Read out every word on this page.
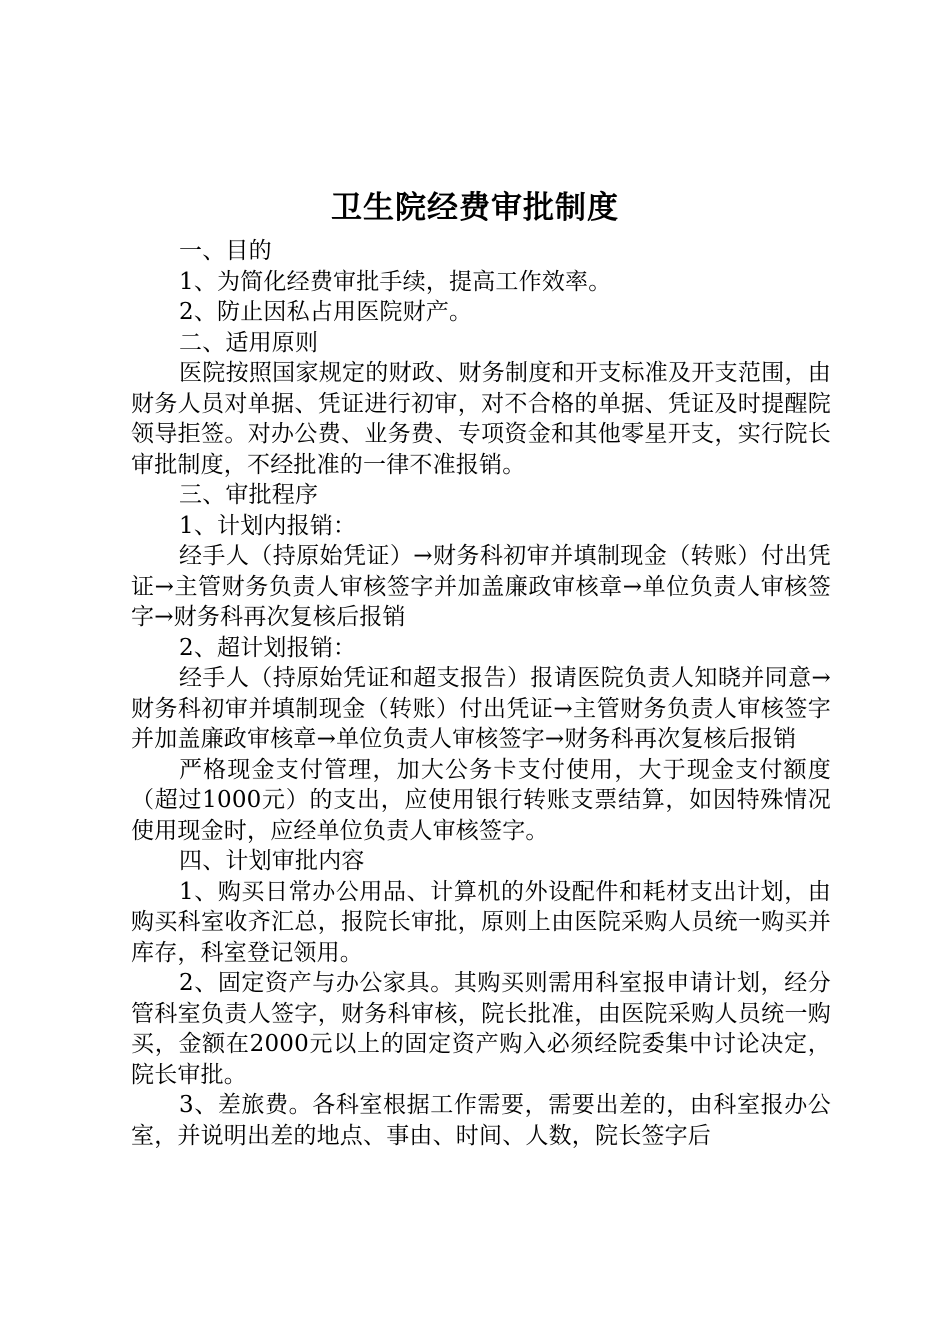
卫生院经费审批制度

一、目的

1、为简化经费审批手续，提高工作效率。

2、防止因私占用医院财产。

二、适用原则

医院按照国家规定的财政、财务制度和开支标准及开支范围，由财务人员对单据、凭证进行初审，对不合格的单据、凭证及时提醒院领导拒签。对办公费、业务费、专项资金和其他零星开支，实行院长审批制度，不经批准的一律不准报销。

三、审批程序

1、计划内报销：

经手人（持原始凭证）→财务科初审并填制现金（转账）付出凭证→主管财务负责人审核签字并加盖廉政审核章→单位负责人审核签字→财务科再次复核后报销

2、超计划报销：

经手人（持原始凭证和超支报告）报请医院负责人知晓并同意→财务科初审并填制现金（转账）付出凭证→主管财务负责人审核签字并加盖廉政审核章→单位负责人审核签字→财务科再次复核后报销

严格现金支付管理，加大公务卡支付使用，大于现金支付额度（超过1000元）的支出，应使用银行转账支票结算，如因特殊情况使用现金时，应经单位负责人审核签字。

四、计划审批内容

1、购买日常办公用品、计算机的外设配件和耗材支出计划，由购买科室收齐汇总，报院长审批，原则上由医院采购人员统一购买并库存，科室登记领用。

2、固定资产与办公家具。其购买则需用科室报申请计划，经分管科室负责人签字，财务科审核，院长批准，由医院采购人员统一购买，金额在2000元以上的固定资产购入必须经院委集中讨论决定，院长审批。

3、差旅费。各科室根据工作需要，需要出差的，由科室报办公室，并说明出差的地点、事由、时间、人数，院长签字后
